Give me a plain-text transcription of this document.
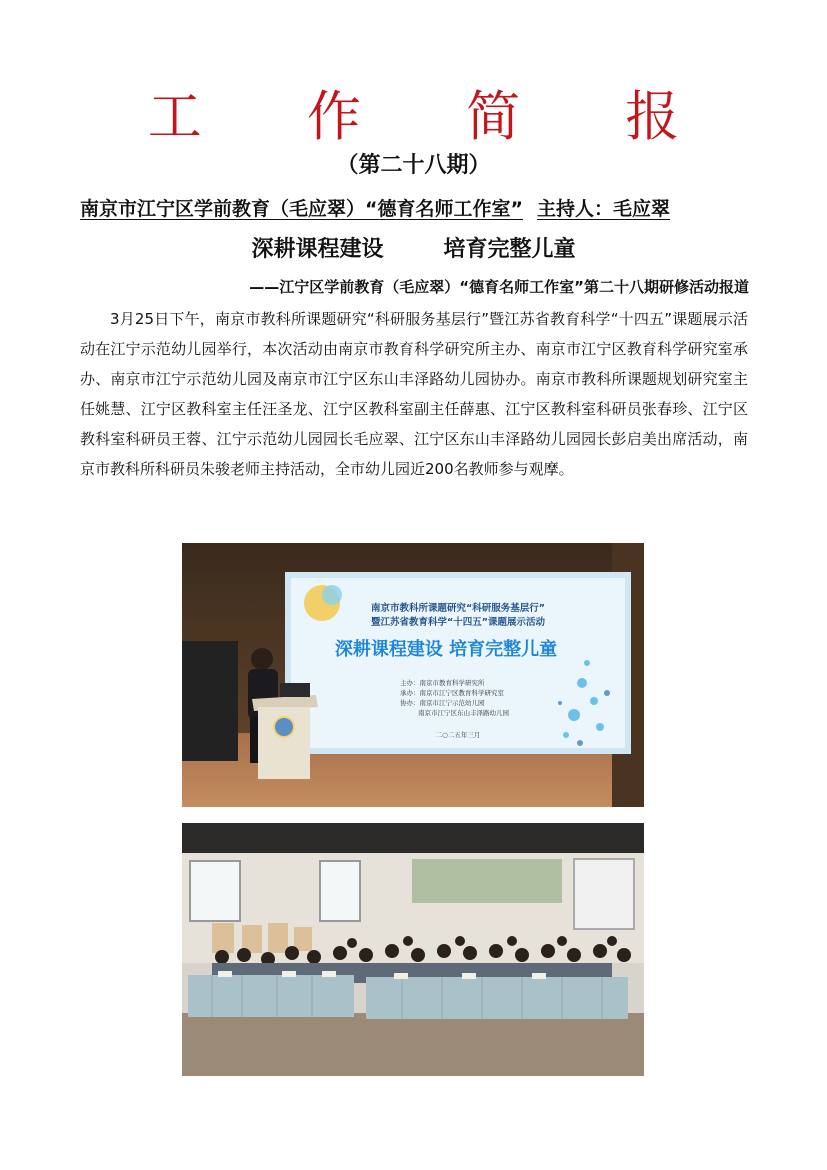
工 作 简 报
（第二十八期）
南京市江宁区学前教育（毛应翠）“德育名师工作室” 主持人：毛应翠
深耕课程建设	培育完整儿童
——江宁区学前教育（毛应翠）“德育名师工作室”第二十八期研修活动报道

3月25日下午，南京市教科所课题研究“科研服务基层行”暨江苏省教育科学“十四五”课题展示活动在江宁示范幼儿园举行，本次活动由南京市教育科学研究所主办、南京市江宁区教育科学研究室承办、南京市江宁示范幼儿园及南京市江宁区东山丰泽路幼儿园协办。南京市教科所课题规划研究室主任姚慧、江宁区教科室主任汪圣龙、江宁区教科室副主任薛惠、江宁区教科室科研员张春珍、江宁区教科室科研员王蓉、江宁示范幼儿园园长毛应翠、江宁区东山丰泽路幼儿园园长彭启美出席活动，南京市教科所科研员朱骏老师主持活动，全市幼儿园近200名教师参与观摩。

南京市教科所课题研究“科研服务基层行”
暨江苏省教育科学“十四五”课题展示活动
深耕课程建设 培育完整儿童
主办：南京市教育科学研究所
承办：南京市江宁区教育科学研究室
协办：南京市江宁示范幼儿园
南京市江宁区东山丰泽路幼儿园
二○二五年三月
